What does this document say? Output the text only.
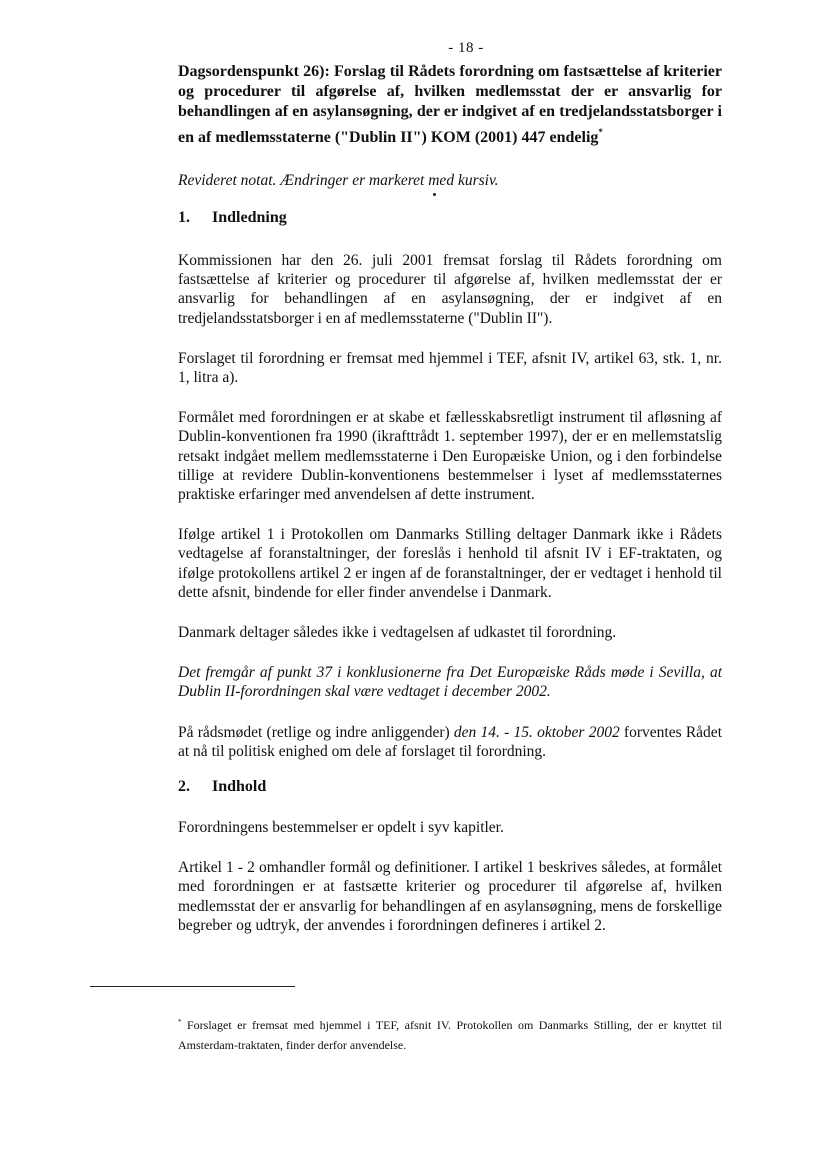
- 18 -

Dagsordenspunkt 26): Forslag til Rådets forordning om fastsættelse af kriterier og procedurer til afgørelse af, hvilken medlemsstat der er ansvarlig for behandlingen af en asylansøgning, der er indgivet af en tredjelandsstatsborger i en af medlemsstaterne ("Dublin II") KOM (2001) 447 endelig*

Revideret notat. Ændringer er markeret med kursiv.

1.	Indledning

Kommissionen har den 26. juli 2001 fremsat forslag til Rådets forordning om fastsættelse af kriterier og procedurer til afgørelse af, hvilken medlemsstat der er ansvarlig for behandlingen af en asylansøgning, der er indgivet af en tredjelandsstatsborger i en af medlemsstaterne ("Dublin II").

Forslaget til forordning er fremsat med hjemmel i TEF, afsnit IV, artikel 63, stk. 1, nr. 1, litra a).

Formålet med forordningen er at skabe et fællesskabsretligt instrument til afløsning af Dublin-konventionen fra 1990 (ikrafttrådt 1. september 1997), der er en mellemstatslig retsakt indgået mellem medlemsstaterne i Den Europæiske Union, og i den forbindelse tillige at revidere Dublin-konventionens bestemmelser i lyset af medlemsstaternes praktiske erfaringer med anvendelsen af dette instrument.

Ifølge artikel 1 i Protokollen om Danmarks Stilling deltager Danmark ikke i Rådets vedtagelse af foranstaltninger, der foreslås i henhold til afsnit IV i EF-traktaten, og ifølge protokollens artikel 2 er ingen af de foranstaltninger, der er vedtaget i henhold til dette afsnit, bindende for eller finder anvendelse i Danmark.

Danmark deltager således ikke i vedtagelsen af udkastet til forordning.

Det fremgår af punkt 37 i konklusionerne fra Det Europæiske Råds møde i Sevilla, at Dublin II-forordningen skal være vedtaget i december 2002.

På rådsmødet (retlige og indre anliggender) den 14. - 15. oktober 2002 forventes Rådet at nå til politisk enighed om dele af forslaget til forordning.

2.	Indhold

Forordningens bestemmelser er opdelt i syv kapitler.

Artikel 1 - 2 omhandler formål og definitioner. I artikel 1 beskrives således, at formålet med forordningen er at fastsætte kriterier og procedurer til afgørelse af, hvilken medlemsstat der er ansvarlig for behandlingen af en asylansøgning, mens de forskellige begreber og udtryk, der anvendes i forordningen defineres i artikel 2.

* Forslaget er fremsat med hjemmel i TEF, afsnit IV. Protokollen om Danmarks Stilling, der er knyttet til Amsterdam-traktaten, finder derfor anvendelse.
